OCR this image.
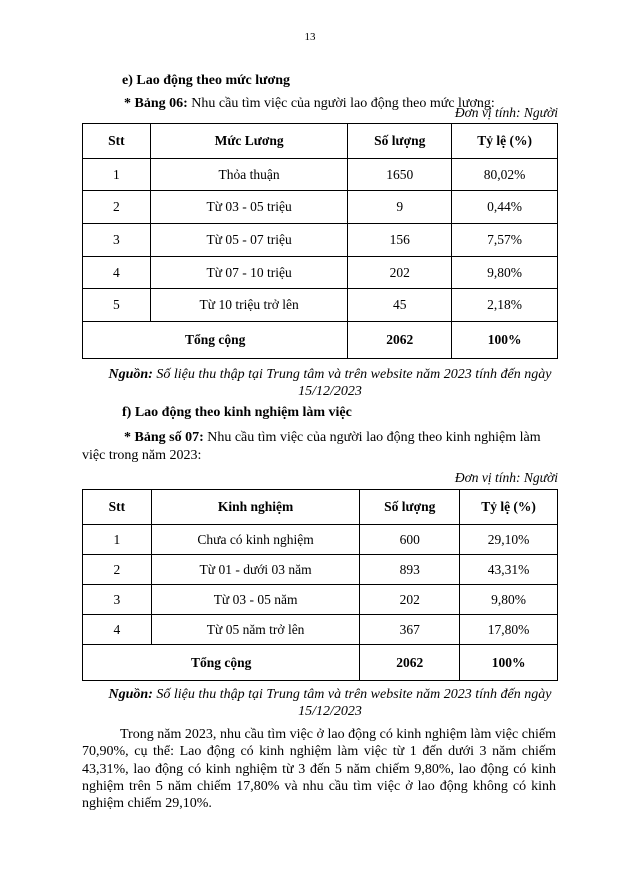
13
e) Lao động theo mức lương
* Bảng 06: Nhu cầu tìm việc của người lao động theo mức lương:
Đơn vị tính: Người
Stt	Mức Lương	Số lượng	Tỷ lệ (%)
1	Thỏa thuận	1650	80,02%
2	Từ 03 - 05 triệu	9	0,44%
3	Từ 05 - 07 triệu	156	7,57%
4	Từ 07 - 10 triệu	202	9,80%
5	Từ 10 triệu trở lên	45	2,18%
Tổng cộng		2062	100%
Nguồn: Số liệu thu thập tại Trung tâm và trên website năm 2023 tính đến ngày
15/12/2023
f) Lao động theo kinh nghiệm làm việc
* Bảng số 07: Nhu cầu tìm việc của người lao động theo kinh nghiệm làm
việc trong năm 2023:
Đơn vị tính: Người
Stt	Kinh nghiệm	Số lượng	Tỷ lệ (%)
1	Chưa có kinh nghiệm	600	29,10%
2	Từ 01 - dưới 03 năm	893	43,31%
3	Từ 03 - 05 năm	202	9,80%
4	Từ 05 năm trở lên	367	17,80%
Tổng cộng		2062	100%
Nguồn: Số liệu thu thập tại Trung tâm và trên website năm 2023 tính đến ngày
15/12/2023

Trong năm 2023, nhu cầu tìm việc ở lao động có kinh nghiệm làm việc chiếm 70,90%, cụ thể: Lao động có kinh nghiệm làm việc từ 1 đến dưới 3 năm chiếm 43,31%, lao động có kinh nghiệm từ 3 đến 5 năm chiếm 9,80%, lao động có kinh nghiệm trên 5 năm chiếm 17,80% và nhu cầu tìm việc ở lao động không có kinh nghiệm chiếm 29,10%.
